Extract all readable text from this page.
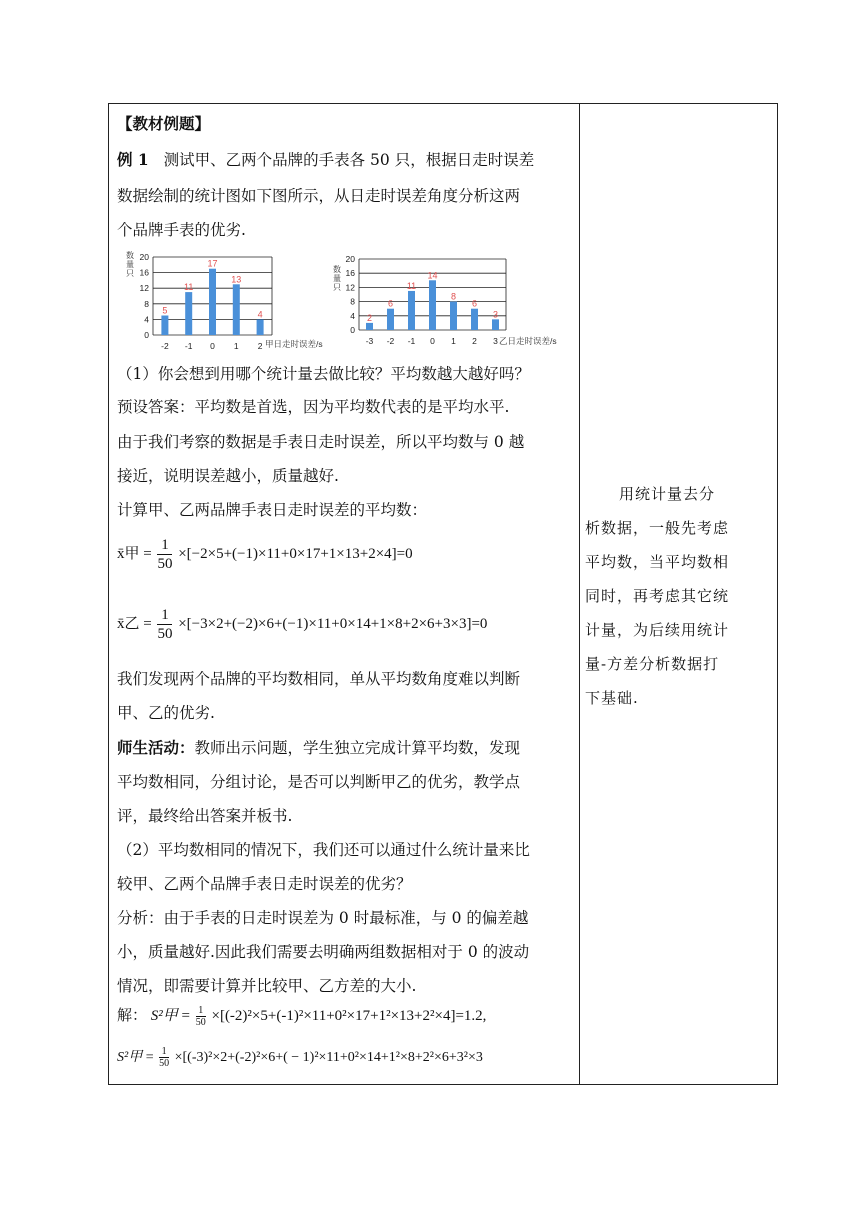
【教材例题】
例 1 测试甲、乙两个品牌的手表各 50 只，根据日走时误差
数据绘制的统计图如下图所示，从日走时误差角度分析这两
个品牌手表的优劣.
数
量
只
0
4
8
12
16
20
5
-2
11
-1
17
0
13
1
4
2 甲日走时误差/s
数
量
只
0
4
8
12
16
20
2
-3
6
-2
11
-1
14
0
8
1
6
2
3
3 乙日走时误差/s
（1）你会想到用哪个统计量去做比较？平均数越大越好吗？
预设答案：平均数是首选，因为平均数代表的是平均水平.
由于我们考察的数据是手表日走时误差，所以平均数与 0 越
接近，说明误差越小，质量越好.
计算甲、乙两品牌手表日走时误差的平均数：
x̄甲 = $\frac{1}{50} \times[-2\times 5+(-1)\times 11+0\times 17+1\times 13+2\times 4]=0$
x̄乙 = $\frac{1}{50} \times[-3\times 2+(-2)\times 6+(-1)\times 11+0\times 14+1\times 8+2\times 6+3\times 3]=0$
我们发现两个品牌的平均数相同，单从平均数角度难以判断
甲、乙的优劣.
师生活动：教师出示问题，学生独立完成计算平均数，发现
平均数相同，分组讨论，是否可以判断甲乙的优劣，教学点
评，最终给出答案并板书.
（2）平均数相同的情况下，我们还可以通过什么统计量来比
较甲、乙两个品牌手表日走时误差的优劣？
分析：由于手表的日走时误差为 0 时最标准，与 0 的偏差越
小，质量越好.因此我们需要去明确两组数据相对于 0 的波动
情况，即需要计算并比较甲、乙方差的大小.
解： S²甲 = $\frac{1}{50} \times[(-2)^2\times 5+(-1)^2\times 11+0^2\times 17+1^2\times 13+2^2\times 4]=1.2$,
S²甲 = $\frac{1}{50} \times[(-3)^2\times 2+(-2)^2\times 6+( - 1)^2\times 11+0^2\times 14+1^2\times 8+2^2\times 6+3^2\times 3$
用统计量去分
析数据，一般先考虑
平均数，当平均数相
同时，再考虑其它统
计量，为后续用统计
量-方差分析数据打
下基础.
